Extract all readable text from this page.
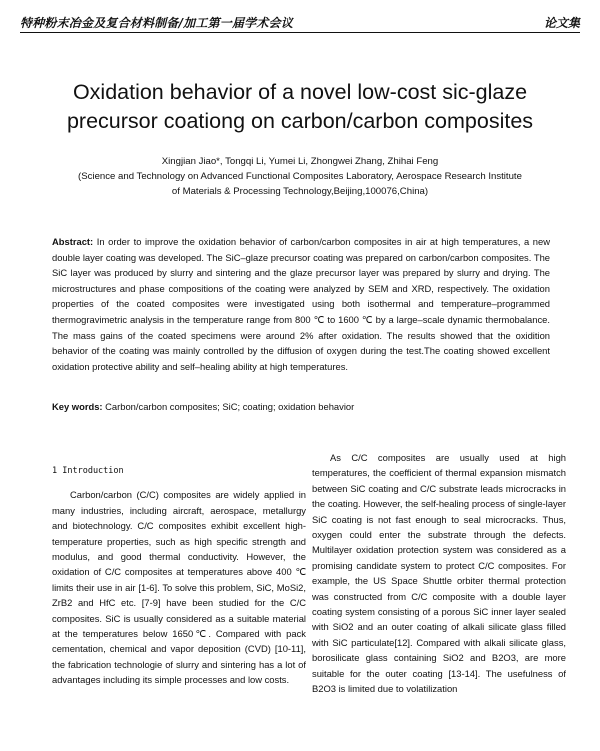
特种粉末冶金及复合材料制备/加工第一届学术会议	论文集
Oxidation behavior of a novel low-cost sic-glaze
precursor coationg on carbon/carbon composites
Xingjian Jiao*, Tongqi Li, Yumei Li, Zhongwei Zhang, Zhihai Feng
(Science and Technology on Advanced Functional Composites Laboratory, Aerospace Research Institute
of Materials & Processing Technology,Beijing,100076,China)
Abstract: In order to improve the oxidation behavior of carbon/carbon composites in air at high temperatures, a new double layer coating was developed. The SiC–glaze precursor coating was prepared on carbon/carbon composites. The SiC layer was produced by slurry and sintering and the glaze precursor layer was prepared by slurry and drying. The microstructures and phase compositions of the coating were analyzed by SEM and XRD, respectively. The oxidation properties of the coated composites were investigated using both isothermal and temperature–programmed thermogravimetric analysis in the temperature range from 800 ℃ to 1600 ℃ by a large–scale dynamic thermobalance. The mass gains of the coated specimens were around 2% after oxidation. The results showed that the oxidition behavior of the coating was mainly controlled by the diffusion of oxygen during the test.The coating showed excellent oxidation protective ability and self–healing ability at high temperatures.
Key words: Carbon/carbon composites; SiC; coating; oxidation behavior
1 Introduction

Carbon/carbon (C/C) composites are widely applied in many industries, including aircraft, aerospace, metallurgy and biotechnology. C/C composites exhibit excellent high-temperature properties, such as high specific strength and modulus, and good thermal conductivity. However, the oxidation of C/C composites at temperatures above 400 ℃ limits their use in air [1-6]. To solve this problem, SiC, MoSi2, ZrB2 and HfC etc. [7-9] have been studied for the C/C composites. SiC is usually considered as a suitable material at the temperatures below 1650℃. Compared with pack cementation, chemical and vapor deposition (CVD) [10-11], the fabrication technologie of slurry and sintering has a lot of advantages including its simple processes and low costs.

As C/C composites are usually used at high temperatures, the coefficient of thermal expansion mismatch between SiC coating and C/C substrate leads microcracks in the coating. However, the self-healing process of single-layer SiC coating is not fast enough to seal microcracks. Thus, oxygen could enter the substrate through the defects. Multilayer oxidation protection system was considered as a promising candidate system to protect C/C composites. For example, the US Space Shuttle orbiter thermal protection was constructed from C/C composite with a double layer coating system consisting of a porous SiC inner layer sealed with SiO2 and an outer coating of alkali silicate glass filled with SiC particulate[12]. Compared with alkali silicate glass, borosilicate glass containing SiO2 and B2O3, are more suitable for the outer coating [13-14]. The usefulness of B2O3 is limited due to volatilization
